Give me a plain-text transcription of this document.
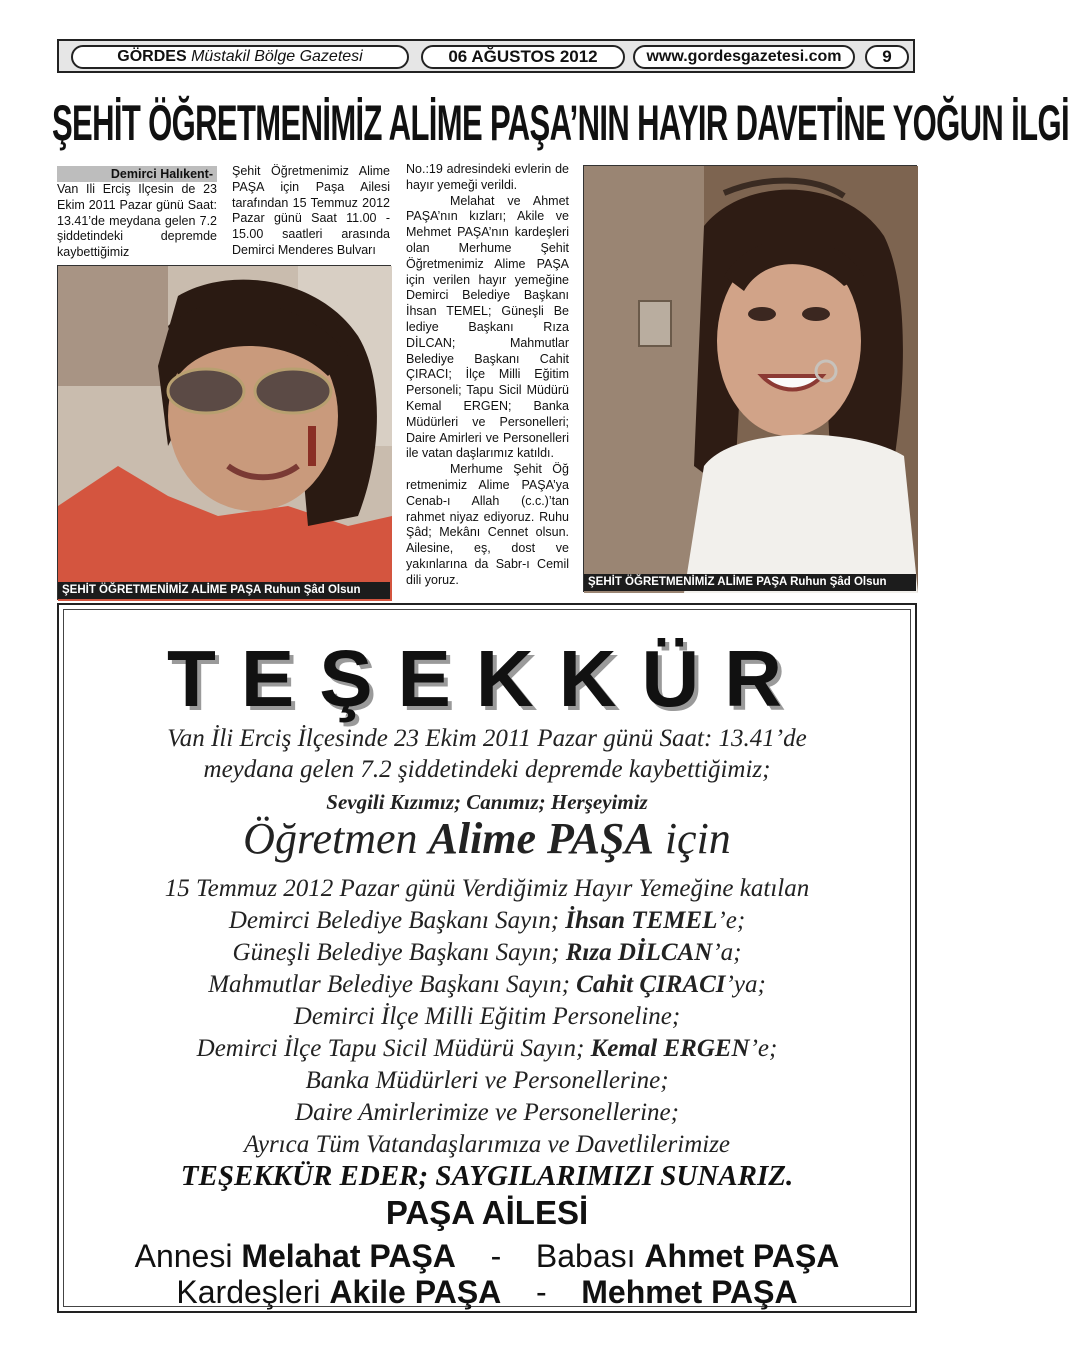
GÖRDES Müstakil Bölge Gazetesi	06 AĞUSTOS 2012	www.gordesgazetesi.com	9
ŞEHİT ÖĞRETMENİMİZ ALİME PAŞA’NIN HAYIR DAVETİNE YOĞUN İLGİ
Demirci Halıkent-

Van Ili Erciş Ilçesin de 23 Ekim 2011 Pazar günü Saat: 13.41’de meydana gelen 7.2 şiddetindeki depremde kaybettiğimiz

Şehit Öğretmenimiz Alime PAŞA için Paşa Ailesi tarafından 15 Temmuz 2012 Pazar günü Saat 11.00 - 15.00 saatleri arasında Demirci Menderes Bulvarı

No.:19 adresindeki evlerin de hayır yemeği verildi.

Melahat ve Ahmet PAŞA’nın kızları; Akile ve Mehmet PAŞA’nın kardeşleri olan Merhume Şehit Öğretmenimiz Alime PAŞA için verilen hayır yemeğine Demirci Belediye Başkanı İhsan TEMEL; Güneşli Be lediye Başkanı Rıza DİLCAN; Mahmutlar Belediye Başkanı Cahit ÇIRACI; İlçe Milli Eğitim Personeli; Tapu Sicil Müdürü Kemal ERGEN; Banka Müdürleri ve Personelleri; Daire Amirleri ve Personelleri ile vatan daşlarımız katıldı.

Merhume Şehit Öğ retmenimiz Alime PAŞA’ya Cenab-ı Allah (c.c.)’tan rahmet niyaz ediyoruz. Ruhu Şâd; Mekânı Cennet olsun. Ailesine, eş, dost ve yakınlarına da Sabr-ı Cemil dili yoruz.

ŞEHİT ÖĞRETMENİMİZ ALİME PAŞA Ruhun Şâd Olsun
ŞEHİT ÖĞRETMENİMİZ ALİME PAŞA Ruhun Şâd Olsun
TEŞEKKÜR
Van İli Erciş İlçesinde 23 Ekim 2011 Pazar günü Saat: 13.41’de
meydana gelen 7.2 şiddetindeki depremde kaybettiğimiz;
Sevgili Kızımız; Canımız; Herşeyimiz
Öğretmen Alime PAŞA için
15 Temmuz 2012 Pazar günü Verdiğimiz Hayır Yemeğine katılan
Demirci Belediye Başkanı Sayın; İhsan TEMEL’e;
Güneşli Belediye Başkanı Sayın; Rıza DİLCAN’a;
Mahmutlar Belediye Başkanı Sayın; Cahit ÇIRACI’ya;
Demirci İlçe Milli Eğitim Personeline;
Demirci İlçe Tapu Sicil Müdürü Sayın; Kemal ERGEN’e;
Banka Müdürleri ve Personellerine;
Daire Amirlerimize ve Personellerine;
Ayrıca Tüm Vatandaşlarımıza ve Davetlilerimize
TEŞEKKÜR EDER; SAYGILARIMIZI SUNARIZ.
PAŞA AİLESİ
Annesi Melahat PAŞA - Babası Ahmet PAŞA
Kardeşleri Akile PAŞA - Mehmet PAŞA
